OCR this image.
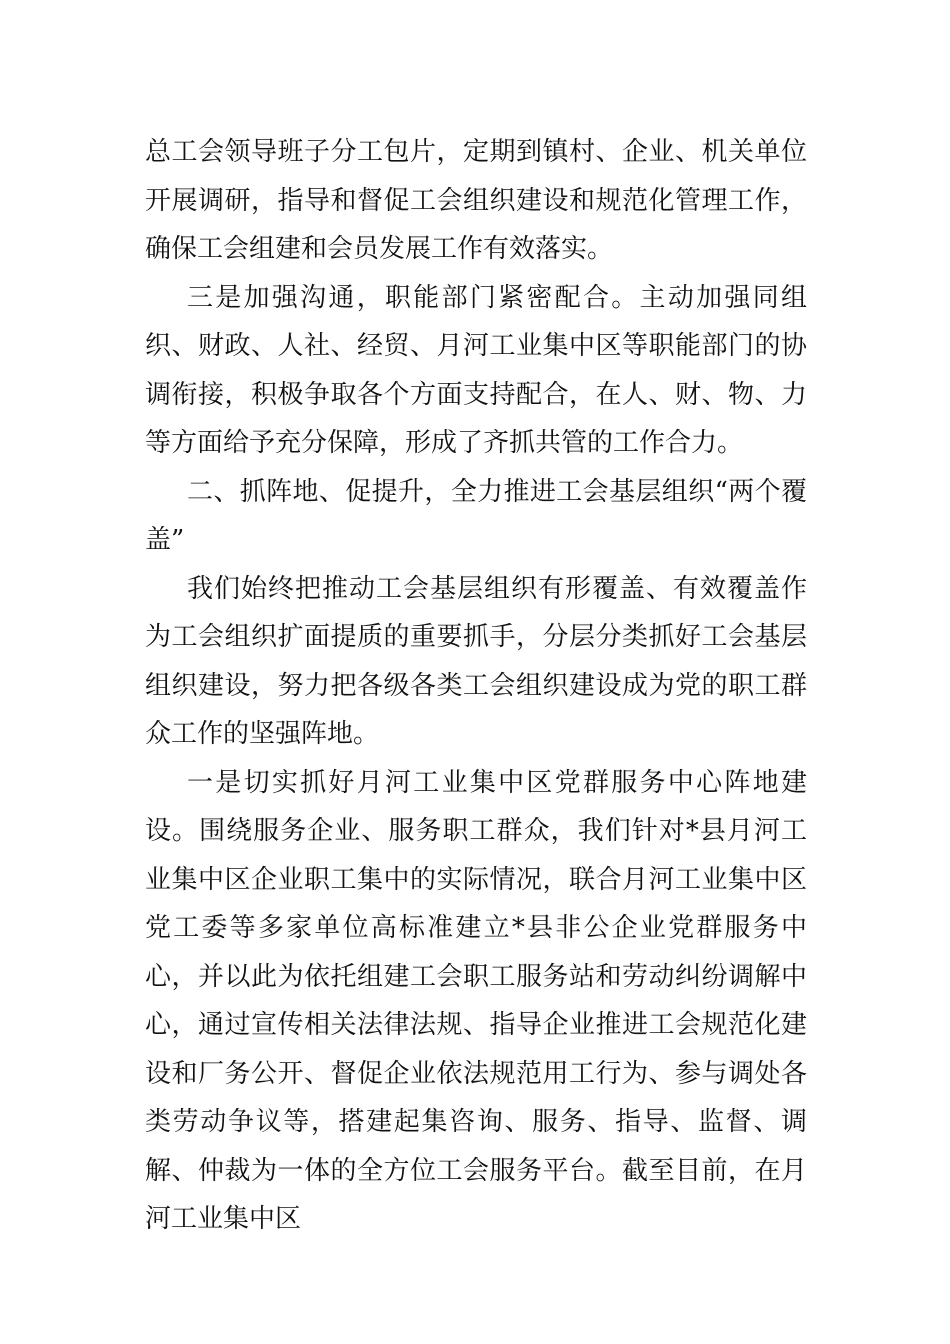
总工会领导班子分工包片，定期到镇村、企业、机关单位开展调研，指导和督促工会组织建设和规范化管理工作，确保工会组建和会员发展工作有效落实。

三是加强沟通，职能部门紧密配合。主动加强同组织、财政、人社、经贸、月河工业集中区等职能部门的协调衔接，积极争取各个方面支持配合，在人、财、物、力等方面给予充分保障，形成了齐抓共管的工作合力。

二、抓阵地、促提升，全力推进工会基层组织“两个覆盖”

我们始终把推动工会基层组织有形覆盖、有效覆盖作为工会组织扩面提质的重要抓手，分层分类抓好工会基层组织建设，努力把各级各类工会组织建设成为党的职工群众工作的坚强阵地。

一是切实抓好月河工业集中区党群服务中心阵地建设。围绕服务企业、服务职工群众，我们针对*县月河工业集中区企业职工集中的实际情况，联合月河工业集中区党工委等多家单位高标准建立*县非公企业党群服务中心，并以此为依托组建工会职工服务站和劳动纠纷调解中心，通过宣传相关法律法规、指导企业推进工会规范化建设和厂务公开、督促企业依法规范用工行为、参与调处各类劳动争议等，搭建起集咨询、服务、指导、监督、调解、仲裁为一体的全方位工会服务平台。截至目前，在月河工业集中区
